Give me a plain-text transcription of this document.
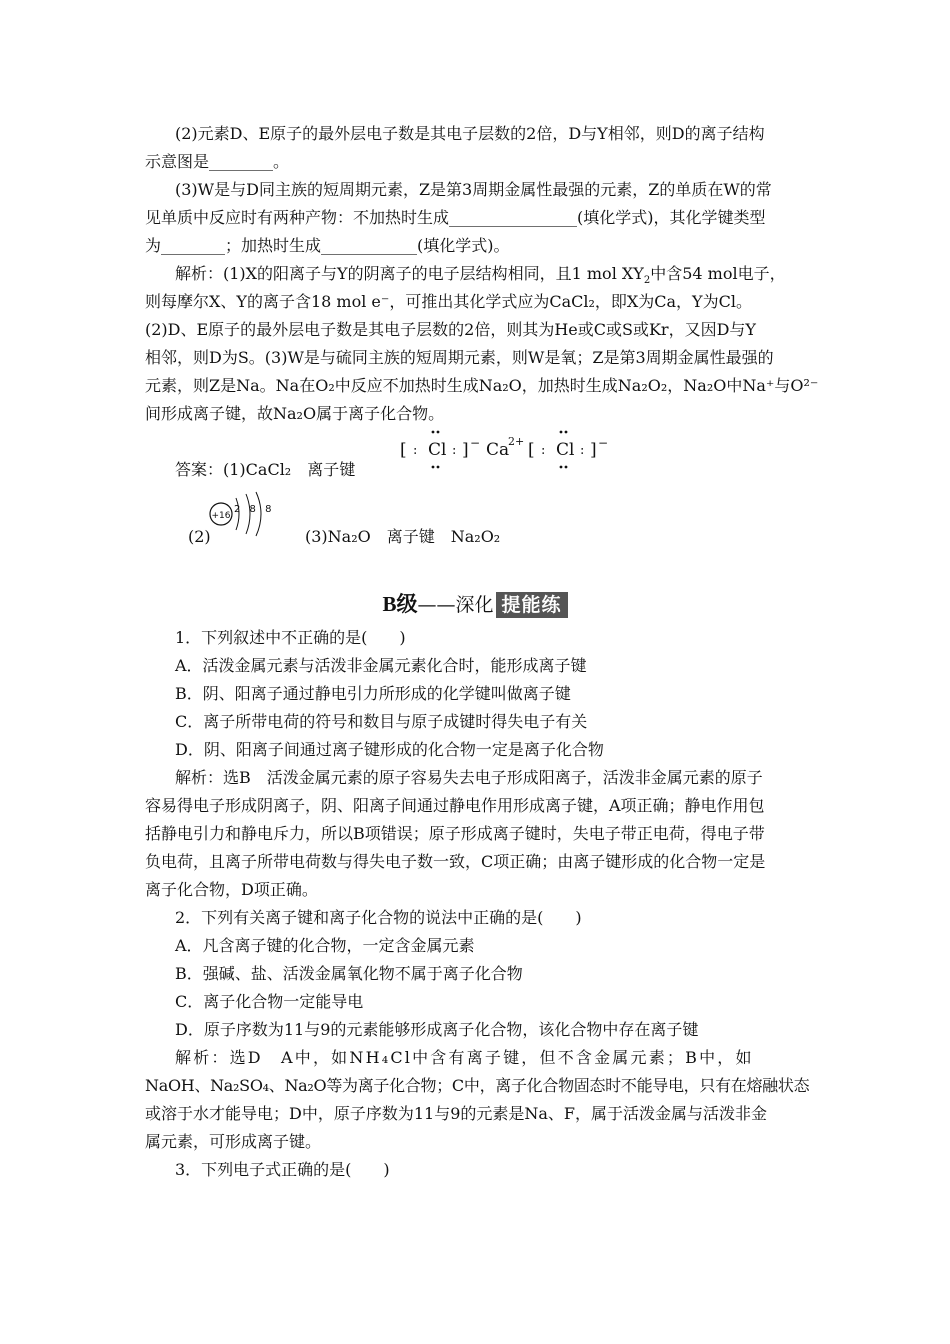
(2)元素D、E原子的最外层电子数是其电子层数的2倍，D与Y相邻，则D的离子结构
示意图是________。
(3)W是与D同主族的短周期元素，Z是第3周期金属性最强的元素，Z的单质在W的常
见单质中反应时有两种产物：不加热时生成________________(填化学式)，其化学键类型
为________；加热时生成____________(填化学式)。
解析：(1)X的阳离子与Y的阴离子的电子层结构相同，且1 mol $XY_2$中含54 mol电子，
则每摩尔X、Y的离子含18 mol e⁻，可推出其化学式应为CaCl₂，即X为Ca，Y为Cl。
(2)D、E原子的最外层电子数是其电子层数的2倍，则其为He或C或S或Kr，又因D与Y
相邻，则D为S。(3)W是与硫同主族的短周期元素，则W是氧；Z是第3周期金属性最强的
元素，则Z是Na。Na在O₂中反应不加热时生成Na₂O，加热时生成Na₂O₂，Na₂O中Na⁺与O²⁻
间形成离子键，故Na₂O属于离子化合物。
答案：(1)CaCl₂　离子键
[ : Cl : ] − Ca
2+ [ : Cl : ] −
(2)
+16
2 8 8
(3)Na₂O　离子键　Na₂O₂
B级——深化 提能练
1．下列叙述中不正确的是(　　)
A．活泼金属元素与活泼非金属元素化合时，能形成离子键
B．阴、阳离子通过静电引力所形成的化学键叫做离子键
C．离子所带电荷的符号和数目与原子成键时得失电子有关
D．阴、阳离子间通过离子键形成的化合物一定是离子化合物
解析：选B　活泼金属元素的原子容易失去电子形成阳离子，活泼非金属元素的原子
容易得电子形成阴离子，阴、阳离子间通过静电作用形成离子键，A项正确；静电作用包
括静电引力和静电斥力，所以B项错误；原子形成离子键时，失电子带正电荷，得电子带
负电荷，且离子所带电荷数与得失电子数一致，C项正确；由离子键形成的化合物一定是
离子化合物，D项正确。
2．下列有关离子键和离子化合物的说法中正确的是(　　)
A．凡含离子键的化合物，一定含金属元素
B．强碱、盐、活泼金属氧化物不属于离子化合物
C．离子化合物一定能导电
D．原子序数为11与9的元素能够形成离子化合物，该化合物中存在离子键
解析：选D　A中，如NH₄Cl中含有离子键，但不含金属元素；B中，如
NaOH、Na₂SO₄、Na₂O等为离子化合物；C中，离子化合物固态时不能导电，只有在熔融状态
或溶于水才能导电；D中，原子序数为11与9的元素是Na、F，属于活泼金属与活泼非金
属元素，可形成离子键。
3．下列电子式正确的是(　　)
